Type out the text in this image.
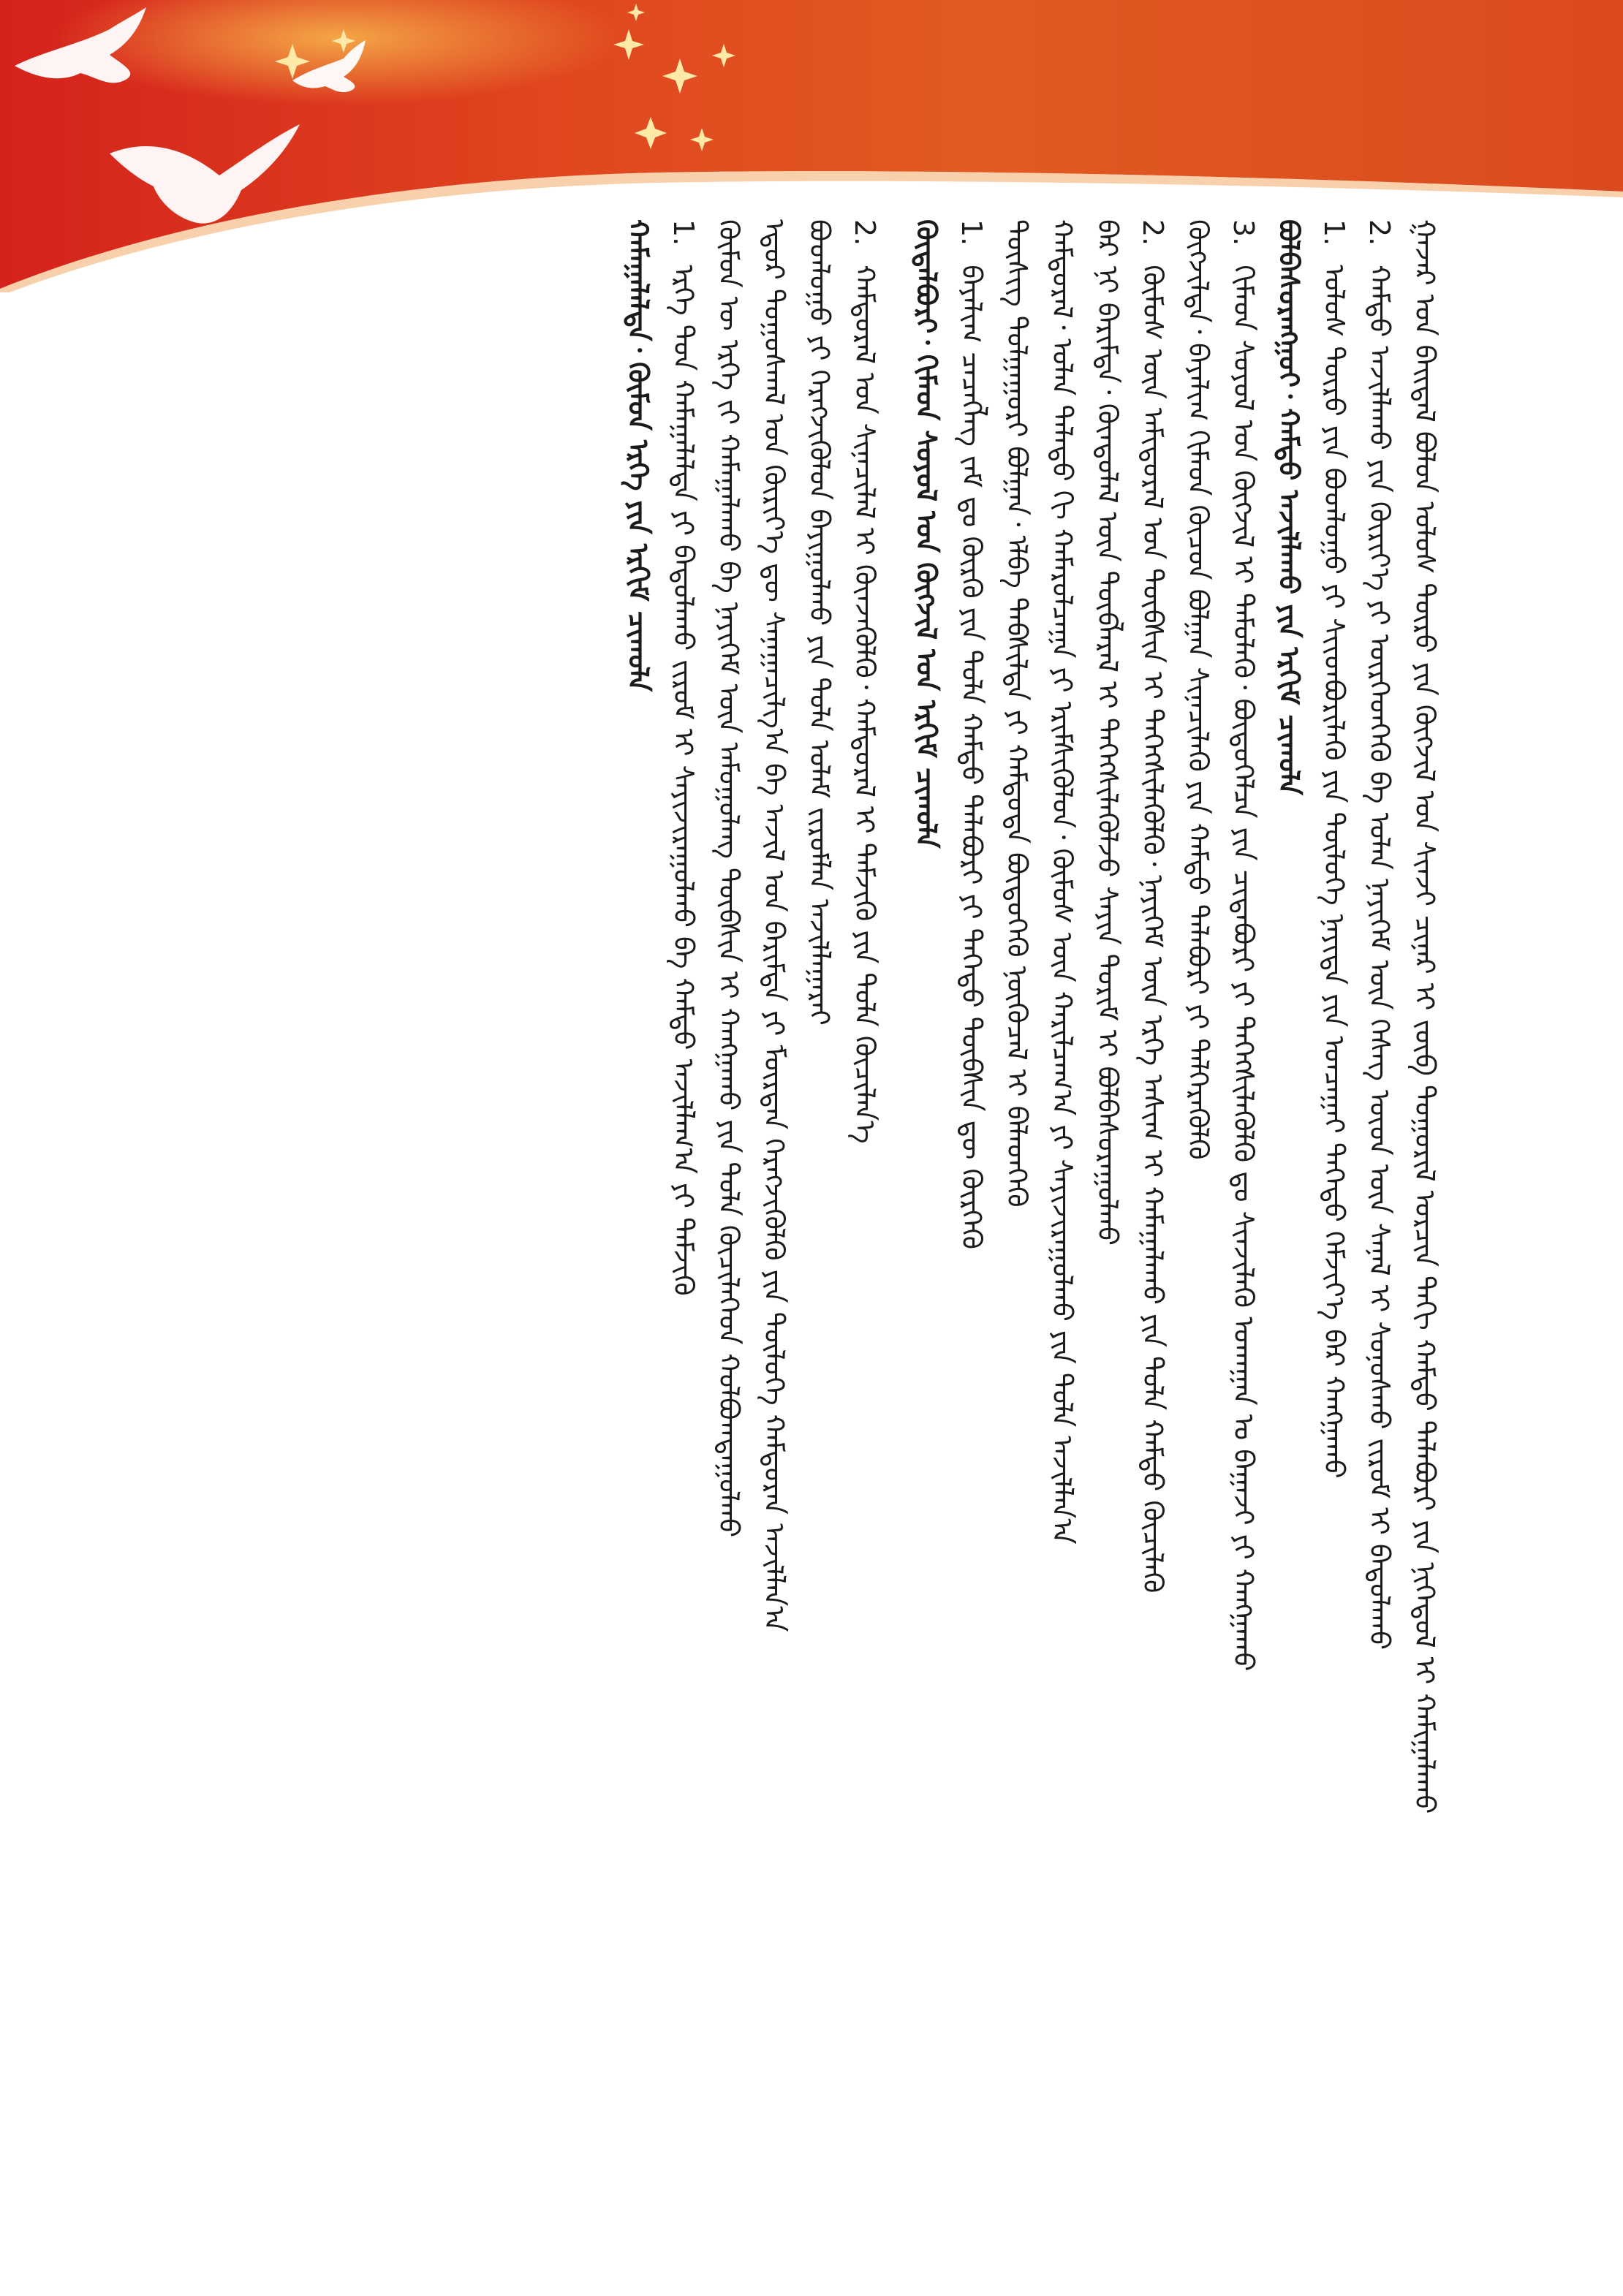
ᠭᠠᠵᠠᠷ ᠤᠨ ᠪᠠᠢᠳᠠᠯ ᠪᠣᠯᠣᠨ ᠤᠯᠤᠰ ᠲᠥᠷᠦ ᠶᠢᠨ ᠬᠥᠭᠵᠢᠯ ᠤᠨ ᠰᠢᠨᠵᠢ ᠴᠢᠨᠠᠷ ᠢ ᠵᠥᠪ ᠲᠣᠭᠣᠷᠢᠯ ᠣᠷᠴᠢᠨ ᠳᠠᠬᠢ ᠬᠠᠮᠲᠤ ᠲᠠᠯᠠᠪᠤᠷᠢ ᠶᠢᠨ ᠨᠢᠭᠡᠳᠦᠯ ᠢ ᠬᠠᠮᠢᠭᠠᠯᠠᠬᠤ
2.ᠬᠠᠮᠲᠤ ᠠᠵᠢᠯᠯᠠᠬᠤ ᠶᠢᠨ ᠬᠦᠷᠢᠶ᠎ᠡ ᠶᠢ ᠥᠷᠭᠡᠳᠭᠡᠬᠦ ᠪᠠ ᠣᠯᠠᠨ ᠨᠡᠶᠢᠭᠡᠮ ᠦᠨ ᠬᠡᠰᠡᠭ ᠦᠳ ᠦᠨ ᠰᠠᠨᠠᠯ ᠢ ᠰᠣᠨᠣᠰᠬᠤ ᠵᠢᠷᠤᠮ ᠢ ᠪᠠᠲᠤᠯᠠᠬᠤ
1.ᠤᠯᠤᠰ ᠲᠥᠷᠦ ᠶᠢᠨ ᠪᠣᠳᠯᠣᠭᠣ ᠶᠢ ᠰᠢᠢᠳᠪᠦᠷᠢᠯᠡᠬᠦ ᠶᠢᠨ ᠲᠥᠯᠦᠭᠡ ᠨᠡᠶᠢᠲᠡ ᠶᠢᠨ ᠤᠨᠴᠠᠭᠠᠢ ᠳᠡᠭᠡᠳᠦ ᠬᠡᠮᠵᠢᠶ᠎ᠡ ᠪᠡᠷ ᠬᠠᠩᠭᠠᠬᠤ
ᠪᠣᠯᠪᠠᠰᠤᠷᠠᠩᠭᠤᠢ᠂ ᠬᠠᠮᠲᠤ ᠠᠵᠢᠯᠯᠠᠬᠤ ᠶᠢᠨ ᠡᠷᠬᠢᠮ ᠴᠢᠬᠤᠯᠠ
3.ᠬᠢᠮᠠᠳ ᠰᠣᠶᠣᠯ ᠤᠨ ᠬᠥᠭᠵᠢᠯ ᠢ ᠲᠡᠮᠦᠯᠡᠬᠦ᠂ ᠪᠦᠲᠦᠭᠡᠯᠴᠡ ᠶᠢᠨ ᠴᠢᠳᠠᠪᠤᠷᠢ ᠶᠢ ᠳᠡᠭᠡᠭᠰᠢᠯᠡᠭᠦᠯᠬᠦ ᠳᠤ ᠰᠢᠨᠵᠢᠯᠡᠬᠦ ᠤᠬᠠᠭᠠᠨ ᠤ ᠪᠠᠭᠠᠵᠢ ᠶᠢ ᠬᠠᠩᠭᠠᠬᠤ
ᠬᠥᠭᠵᠢᠯᠲᠡ᠂ ᠪᠠᠶᠠᠯᠢᠭ ᠬᠢᠮᠠᠳ ᠬᠦᠴᠦᠨ ᠪᠣᠯᠭᠠᠨ ᠰᠢᠨᠡᠴᠢᠯᠡᠬᠦ ᠶᠢᠨ ᠬᠠᠮᠲᠤ ᠲᠠᠯᠠᠪᠤᠷᠢ ᠶᠢ ᠳᠡᠯᠭᠡᠷᠡᠭᠦᠯᠬᠦ
2.ᠬᠦᠮᠦᠰ ᠦᠨ ᠠᠮᠢᠳᠤᠷᠠᠯ ᠤᠨ ᠲᠦᠪᠰᠢᠨ ᠢ ᠳᠡᠭᠡᠭᠰᠢᠯᠡᠭᠦᠯᠬᠦ᠂ ᠨᠡᠶᠢᠭᠡᠮ ᠦᠨ ᠡᠷᠬᠡ ᠠᠰᠢᠭ ᠢ ᠬᠠᠮᠠᠭᠠᠯᠠᠬᠤ ᠶᠢᠨ ᠲᠤᠯᠠ ᠬᠠᠮᠲᠤ ᠬᠦᠴᠢᠯᠡᠬᠦ
ᠪᠡᠷ ᠨᠢ ᠪᠠᠷᠢᠮᠲᠠ᠂ ᠬᠦᠨᠳᠦᠯᠡᠯ ᠦᠨ ᠲᠥᠪᠯᠡᠷᠡᠯ ᠢ ᠳᠡᠭᠡᠭᠰᠢᠯᠡᠭᠦᠯᠵᠦ ᠰᠠᠶᠢᠨ ᠲᠣᠷᠢᠮ ᠢ ᠪᠣᠯᠪᠠᠰᠤᠷᠠᠭᠤᠯᠬᠤ
ᠬᠠᠮᠲᠤᠷᠠᠯ᠂ ᠣᠯᠠᠨ ᠲᠠᠯᠠᠲᠤ ᠭᠢ ᠬᠠᠮᠠᠷᠤᠯᠴᠠᠭᠠ ᠶᠢ ᠡᠷᠢᠮᠰᠢᠭᠦᠯᠦᠨ᠂ ᠬᠦᠮᠦᠰ ᠦᠨ ᠬᠠᠷᠢᠯᠴᠠᠭ᠎ᠠ ᠶᠢ ᠰᠠᠶᠢᠵᠢᠷᠠᠭᠤᠯᠬᠤ ᠶᠢᠨ ᠲᠤᠯᠠ ᠠᠵᠢᠯᠯᠠᠨ᠎ᠠ
ᠲᠦᠰᠢᠭ ᠲᠤᠯᠭᠠᠭᠤᠷᠢ ᠪᠤᠯᠭᠠᠨ᠂ ᠡᠯᠪᠡ ᠳᠡᠪᠰᠢᠯᠲᠡ ᠶᠢ ᠬᠠᠮᠲᠤᠳᠠ ᠪᠦᠲᠦᠭᠡᠬᠦ ᠨᠥᠬᠦᠴᠡᠯ ᠢ ᠪᠡᠯᠡᠳᠬᠡᠬᠦ
1.ᠪᠠᠶᠠᠯᠢᠭ ᠴᠡᠴᠡᠭᠯᠡᠭ ᠵᠠᠮ ᠳᠤ ᠬᠦᠷᠬᠦ ᠶᠢᠨ ᠲᠤᠯᠠ ᠬᠠᠮᠲᠤ ᠲᠠᠯᠠᠪᠤᠷᠢ ᠶᠢ ᠳᠡᠭᠡᠳᠦ ᠲᠦᠪᠰᠢᠨ ᠳᠦ ᠬᠦᠷᠭᠡᠬᠦ
ᠬᠦᠳᠡᠯᠪᠦᠷᠢ᠂ ᠬᠢᠮᠠᠳ ᠰᠣᠶᠣᠯ ᠤᠨ ᠬᠥᠭᠵᠢᠯ ᠤᠨ ᠡᠷᠬᠢᠮ ᠴᠢᠬᠤᠯᠠ
2.ᠬᠠᠮᠲᠤᠷᠠᠯ ᠤᠨ ᠰᠢᠨᠡᠴᠢᠯᠡᠯ ᠢ ᠭᠦᠨᠵᠡᠭᠦᠯᠬᠦ᠂ ᠬᠠᠮᠲᠤᠷᠠᠯ ᠢ ᠳᠡᠮᠵᠢᠬᠦ ᠶᠢᠨ ᠲᠤᠯᠠ ᠬᠦᠴᠢᠯᠡᠨ᠎ᠡ
ᠪᠣᠳᠯᠣᠭᠣ ᠶᠢ ᠬᠡᠷᠡᠭᠵᠢᠭᠦᠯᠦᠨ ᠪᠠᠶᠢᠭᠤᠯᠬᠤ ᠶᠢᠨ ᠲᠤᠯᠠ ᠤᠯᠠᠮ ᠵᠢᠷᠤᠮᠯᠠᠨ ᠠᠵᠢᠯᠯᠠᠭᠠᠷᠠᠢ
ᠡᠳ᠋ᠦᠷ ᠲᠤᠭᠤᠰᠭᠠᠯ ᠤᠨ ᠬᠦᠷᠢᠶ᠎ᠡ ᠳᠦ ᠰᠠᠨᠠᠭᠠᠴᠢᠯᠭ᠎ᠠ ᠪᠠ ᠠᠵᠢᠯ ᠤᠨ ᠪᠠᠷᠢᠮᠲᠠ ᠶᠢ ᠮᠥᠷᠳᠡᠨ ᠬᠡᠷᠡᠭᠵᠢᠭᠦᠯᠬᠦ ᠶᠢᠨ ᠲᠥᠯᠦᠭᠡ ᠬᠠᠮᠲᠤᠷᠠᠨ ᠠᠵᠢᠯᠯᠠᠨ᠎ᠠ
ᠬᠦᠮᠦᠨ ᠦ ᠡᠷᠬᠡ ᠵᠢ ᠬᠠᠮᠠᠭᠠᠯᠠᠬᠤ ᠪᠠ ᠨᠡᠶᠢᠭᠡᠮ ᠦᠨ ᠠᠮᠤᠭᠤᠯᠠᠩ ᠲᠦᠪᠰᠢᠨ ᠢ ᠬᠠᠩᠭᠠᠬᠤ ᠶᠢᠨ ᠲᠤᠯᠠ ᠬᠦᠴᠢᠯᠡᠭᠡᠳ ᠬᠣᠯᠪᠣᠭᠳᠠᠭᠤᠯᠬᠤ
1.ᠡᠷᠬᠡ ᠳᠤᠨ ᠬᠠᠮᠠᠭᠠᠯᠠᠯᠲᠠ ᠶᠢ ᠪᠠᠲᠤᠯᠠᠬᠤ ᠵᠢᠷᠤᠮ ᠢ ᠰᠠᠶᠢᠵᠢᠷᠠᠭᠤᠯᠬᠤ ᠪᠠ ᠬᠠᠮᠲᠤ ᠠᠵᠢᠯᠯᠠᠭ᠎ᠠ ᠶᠢ ᠳᠡᠮᠵᠢᠬᠦ
ᠬᠠᠮᠠᠭᠠᠯᠠᠯᠲᠠ᠂ ᠬᠦᠮᠦᠨ ᠡᠷᠬᠡ ᠶᠢᠨ ᠡᠷᠬᠢᠮ ᠴᠢᠬᠤᠯᠠ
